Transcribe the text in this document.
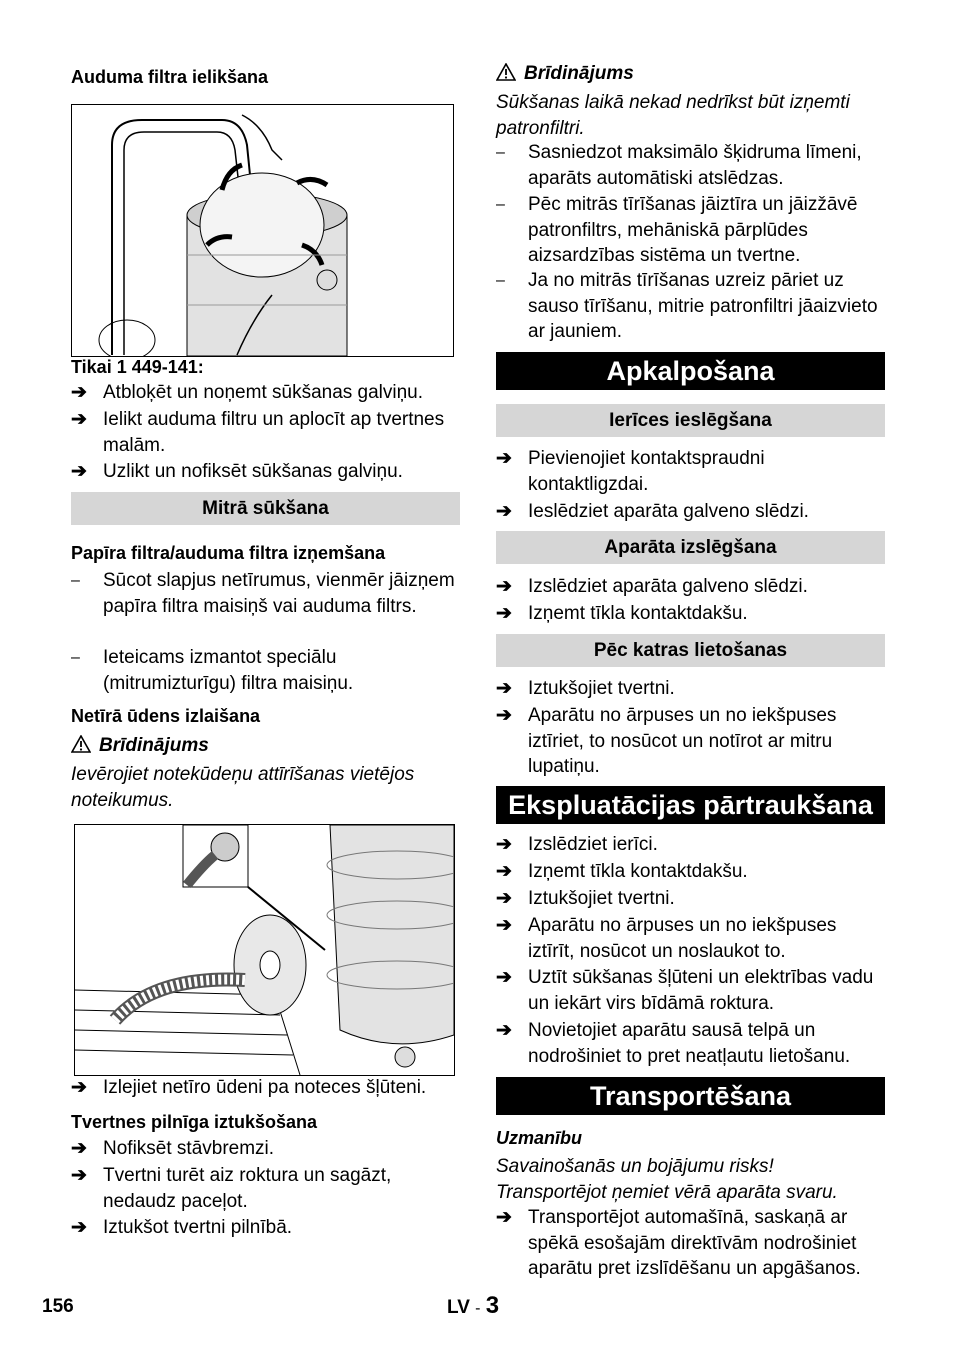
Auduma filtra ielikšana
Tikai 1 449-141:
➔ Atbloķēt un noņemt sūkšanas galviņu.
➔ Ielikt auduma filtru un aplocīt ap tvertnes malām.
➔ Uzlikt un nofiksēt sūkšanas galviņu.
Mitrā sūkšana
Papīra filtra/auduma filtra izņemšana
–	Sūcot slapjus netīrumus, vienmēr jāizņem papīra filtra maisiņš vai auduma filtrs.
–	Ieteicams izmantot speciālu (mitrumizturīgu) filtra maisiņu.
Netīrā ūdens izlaišana
Brīdinājums
Ievērojiet notekūdeņu attīrīšanas vietējos noteikumus.
➔ Izlejiet netīro ūdeni pa noteces šļūteni.
Tvertnes pilnīga iztukšošana
➔ Nofiksēt stāvbremzi.
➔ Tvertni turēt aiz roktura un sagāzt, nedaudz paceļot.
➔ Iztukšot tvertni pilnībā.
Brīdinājums
Sūkšanas laikā nekad nedrīkst būt izņemti patronfiltri.
–	Sasniedzot maksimālo šķidruma līmeni, aparāts automātiski atslēdzas.
–	Pēc mitrās tīrīšanas jāiztīra un jāizžāvē patronfiltrs, mehāniskā pārplūdes aizsardzības sistēma un tvertne.
–	Ja no mitrās tīrīšanas uzreiz pāriet uz sauso tīrīšanu, mitrie patronfiltri jāaizvieto ar jauniem.
Apkalpošana
Ierīces ieslēgšana
➔ Pievienojiet kontaktspraudni kontaktligzdai.
➔ Ieslēdziet aparāta galveno slēdzi.
Aparāta izslēgšana
➔ Izslēdziet aparāta galveno slēdzi.
➔ Izņemt tīkla kontaktdakšu.
Pēc katras lietošanas
➔ Iztukšojiet tvertni.
➔ Aparātu no ārpuses un no iekšpuses iztīriet, to nosūcot un notīrot ar mitru lupatiņu.
Ekspluatācijas pārtraukšana
➔ Izslēdziet ierīci.
➔ Izņemt tīkla kontaktdakšu.
➔ Iztukšojiet tvertni.
➔ Aparātu no ārpuses un no iekšpuses iztīrīt, nosūcot un noslaukot to.
➔ Uztīt sūkšanas šļūteni un elektrības vadu un iekārt virs bīdāmā roktura.
➔ Novietojiet aparātu sausā telpā un nodrošiniet to pret neatļautu lietošanu.
Transportēšana
Uzmanību
Savainošanās un bojājumu risks! Transportējot ņemiet vērā aparāta svaru.
➔ Transportējot automašīnā, saskaņā ar spēkā esošajām direktīvām nodrošiniet aparātu pret izslīdēšanu un apgāšanos.
156	LV - 3
